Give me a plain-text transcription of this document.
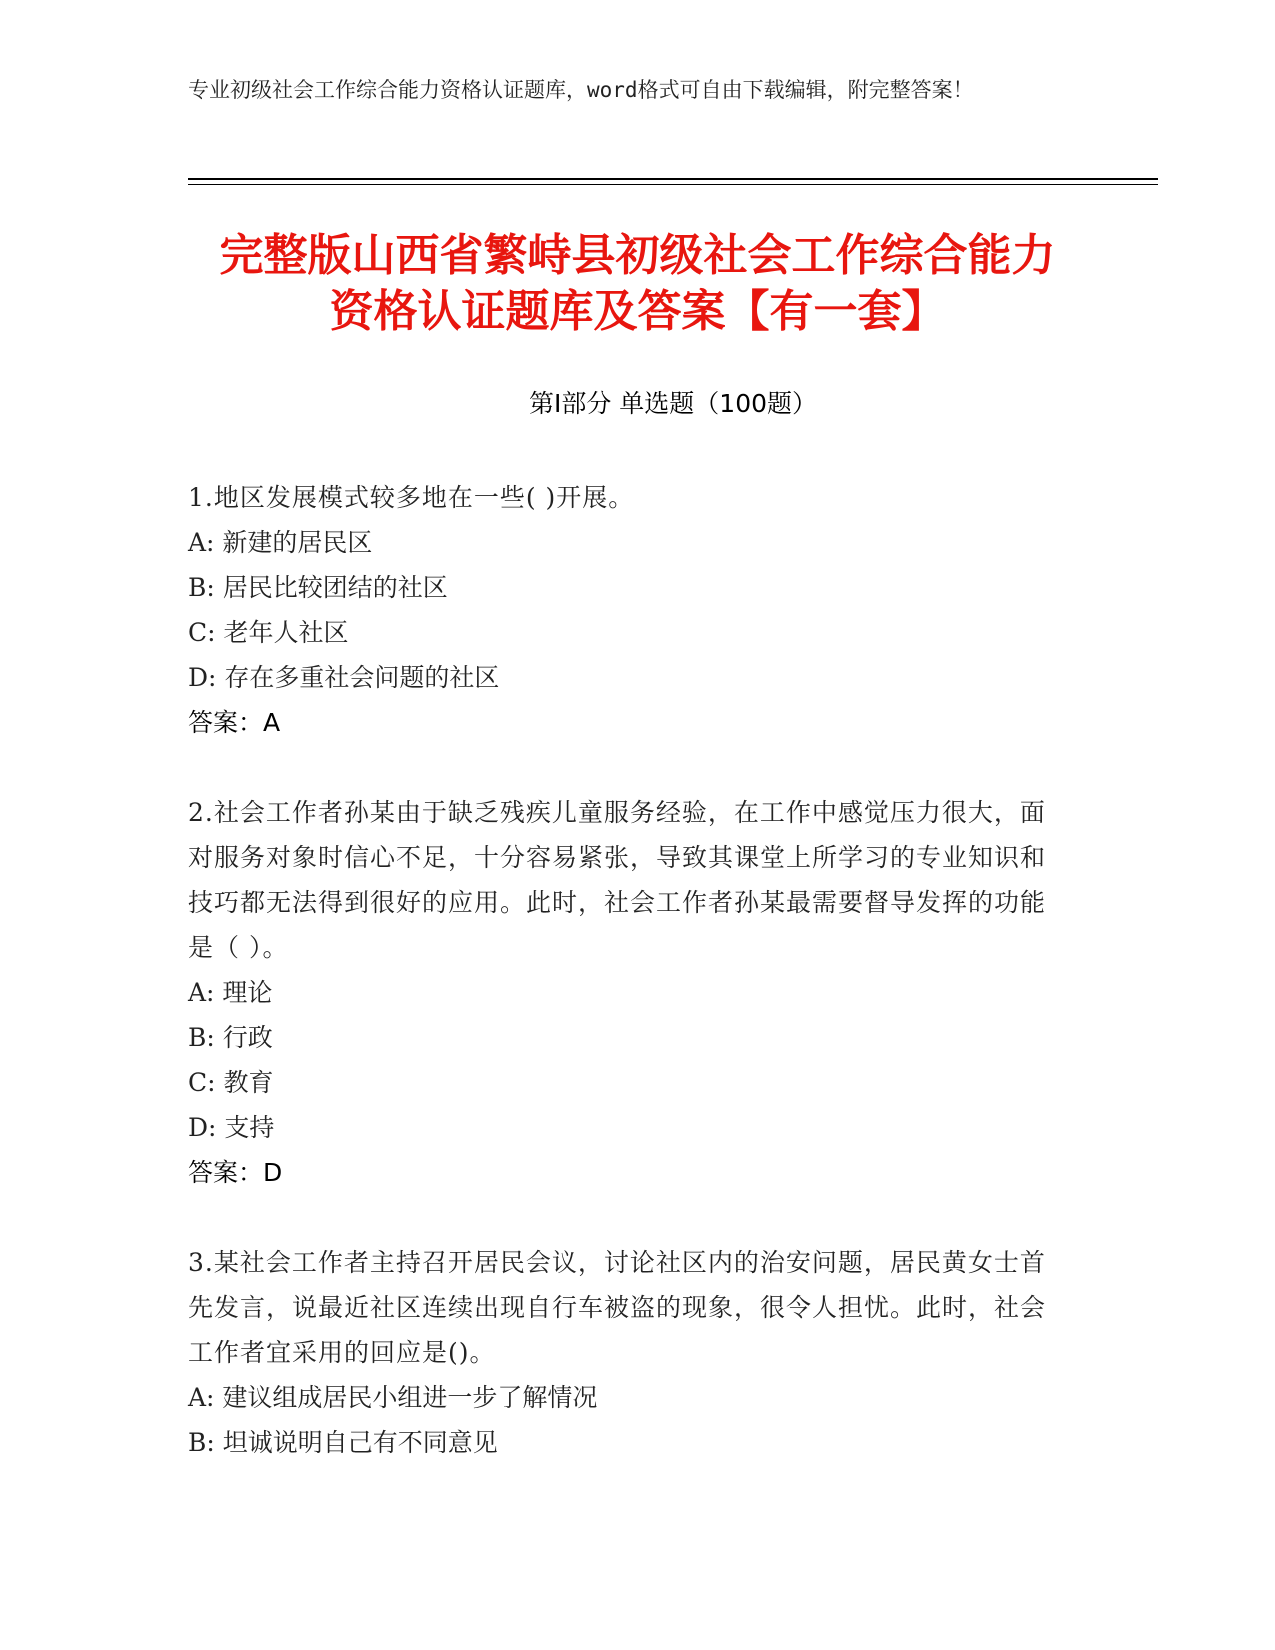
专业初级社会工作综合能力资格认证题库，word格式可自由下载编辑，附完整答案！
完整版山西省繁峙县初级社会工作综合能力
资格认证题库及答案【有一套】
第Ⅰ部分 单选题（100题）
1.地区发展模式较多地在一些( )开展。
A: 新建的居民区
B: 居民比较团结的社区
C: 老年人社区
D: 存在多重社会问题的社区
答案：A
2.社会工作者孙某由于缺乏残疾儿童服务经验，在工作中感觉压力很大，面对服务对象时信心不足，十分容易紧张，导致其课堂上所学习的专业知识和技巧都无法得到很好的应用。此时，社会工作者孙某最需要督导发挥的功能是（ ）。
A: 理论
B: 行政
C: 教育
D: 支持
答案：D
3.某社会工作者主持召开居民会议，讨论社区内的治安问题，居民黄女士首先发言，说最近社区连续出现自行车被盗的现象，很令人担忧。此时，社会工作者宜采用的回应是()。
A: 建议组成居民小组进一步了解情况
B: 坦诚说明自己有不同意见
